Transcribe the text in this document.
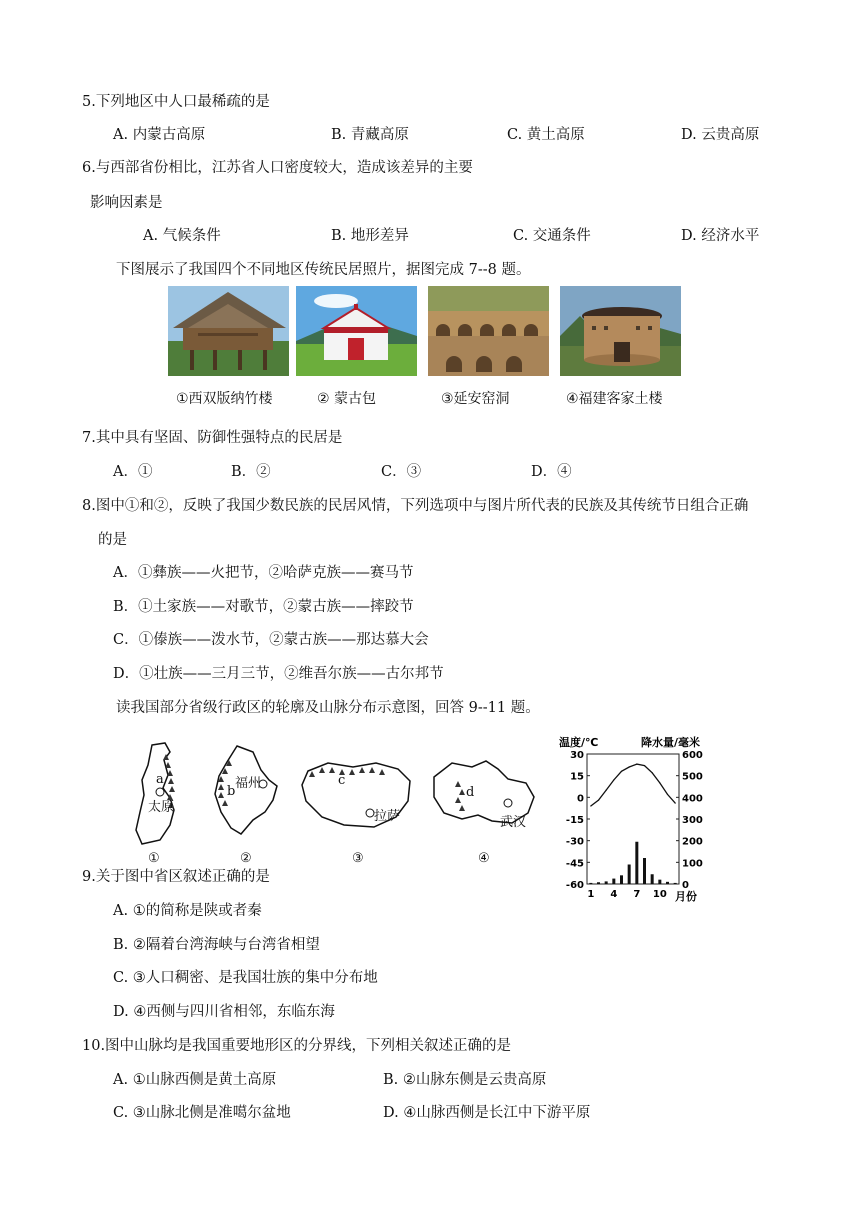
5.下列地区中人口最稀疏的是
A. 内蒙古高原	B. 青藏高原	C. 黄土高原	D. 云贵高原
6.与西部省份相比，江苏省人口密度较大，造成该差异的主要
影响因素是
A. 气候条件	B. 地形差异	C. 交通条件	D. 经济水平
下图展示了我国四个不同地区传统民居照片，据图完成 7--8 题。
①西双版纳竹楼	② 蒙古包	③延安窑洞	④福建客家土楼
7.其中具有坚固、防御性强特点的民居是
A．①	B．②	C．③	D．④
8.图中①和②，反映了我国少数民族的民居风情，下列选项中与图片所代表的民族及其传统节日组合正确
的是
A．①彝族——火把节，②哈萨克族——赛马节
B．①土家族——对歌节，②蒙古族——摔跤节
C．①傣族——泼水节，②蒙古族——那达慕大会
D．①壮族——三月三节，②维吾尔族——古尔邦节
读我国部分省级行政区的轮廓及山脉分布示意图，回答 9--11 题。
a
太原
①
福州
b
②
c
拉萨
③
d
武汉
④
温度/℃	降水量/毫米
30
15
0
-15
-30
-45
-60
600
500
400
300
200
100
0
1 4 7 10 月份
9.关于图中省区叙述正确的是
A. ①的简称是陕或者秦
B. ②隔着台湾海峡与台湾省相望
C. ③人口稠密、是我国壮族的集中分布地
D. ④西侧与四川省相邻，东临东海
10.图中山脉均是我国重要地形区的分界线，下列相关叙述正确的是
A. ①山脉西侧是黄土高原	B. ②山脉东侧是云贵高原
C. ③山脉北侧是准噶尔盆地	D. ④山脉西侧是长江中下游平原
